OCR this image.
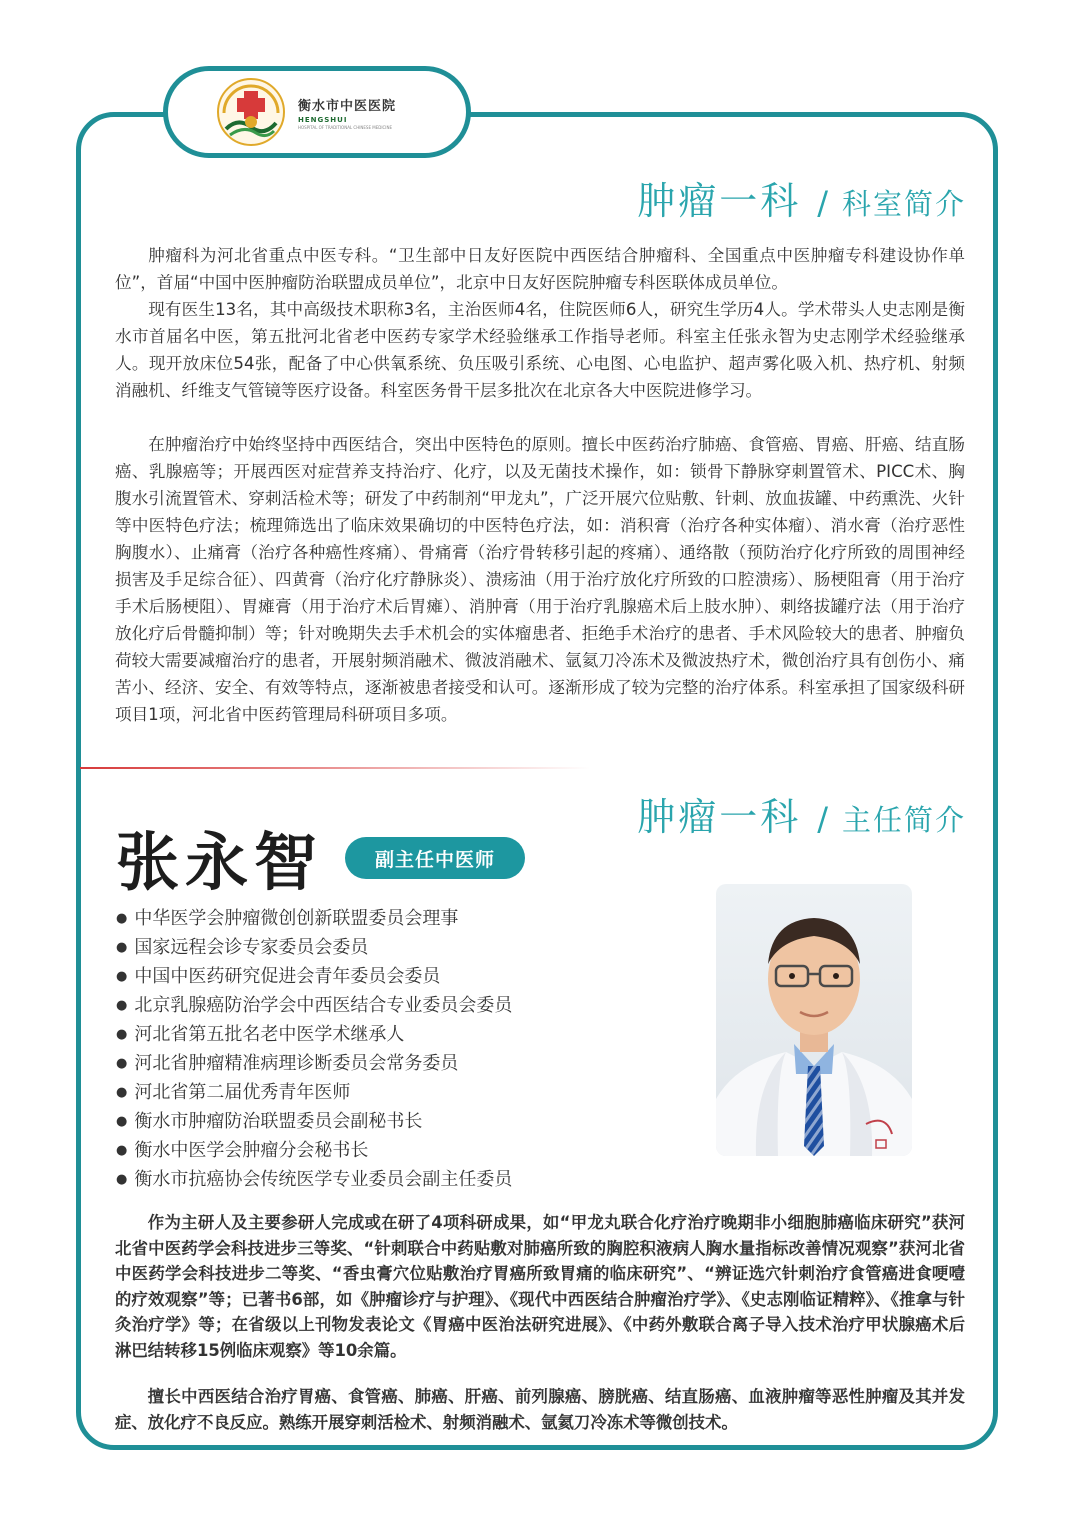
衡水市中医医院
HENGSHUI
HOSPITAL OF TRADITIONAL CHINESE MEDICINE
肿瘤一科 / 科室简介

肿瘤科为河北省重点中医专科。“卫生部中日友好医院中西医结合肿瘤科、全国重点中医肿瘤专科建设协作单位”，首届“中国中医肿瘤防治联盟成员单位”，北京中日友好医院肿瘤专科医联体成员单位。

现有医生13名，其中高级技术职称3名，主治医师4名，住院医师6人，研究生学历4人。学术带头人史志刚是衡水市首届名中医，第五批河北省老中医药专家学术经验继承工作指导老师。科室主任张永智为史志刚学术经验继承人。现开放床位54张，配备了中心供氧系统、负压吸引系统、心电图、心电监护、超声雾化吸入机、热疗机、射频消融机、纤维支气管镜等医疗设备。科室医务骨干层多批次在北京各大中医院进修学习。

在肿瘤治疗中始终坚持中西医结合，突出中医特色的原则。擅长中医药治疗肺癌、食管癌、胃癌、肝癌、结直肠癌、乳腺癌等；开展西医对症营养支持治疗、化疗，以及无菌技术操作，如：锁骨下静脉穿刺置管术、PICC术、胸腹水引流置管术、穿刺活检术等；研发了中药制剂“甲龙丸”，广泛开展穴位贴敷、针刺、放血拔罐、中药熏洗、火针等中医特色疗法；梳理筛选出了临床效果确切的中医特色疗法，如：消积膏（治疗各种实体瘤）、消水膏（治疗恶性胸腹水）、止痛膏（治疗各种癌性疼痛）、骨痛膏（治疗骨转移引起的疼痛）、通络散（预防治疗化疗所致的周围神经损害及手足综合征）、四黄膏（治疗化疗静脉炎）、溃疡油（用于治疗放化疗所致的口腔溃疡）、肠梗阻膏（用于治疗手术后肠梗阻）、胃瘫膏（用于治疗术后胃瘫）、消肿膏（用于治疗乳腺癌术后上肢水肿）、刺络拔罐疗法（用于治疗放化疗后骨髓抑制）等；针对晚期失去手术机会的实体瘤患者、拒绝手术治疗的患者、手术风险较大的患者、肿瘤负荷较大需要减瘤治疗的患者，开展射频消融术、微波消融术、氩氦刀冷冻术及微波热疗术，微创治疗具有创伤小、痛苦小、经济、安全、有效等特点，逐渐被患者接受和认可。逐渐形成了较为完整的治疗体系。科室承担了国家级科研项目1项，河北省中医药管理局科研项目多项。

肿瘤一科 / 主任简介
张永智	副主任中医师
● 中华医学会肿瘤微创创新联盟委员会理事
● 国家远程会诊专家委员会委员
● 中国中医药研究促进会青年委员会委员
● 北京乳腺癌防治学会中西医结合专业委员会委员
● 河北省第五批名老中医学术继承人
● 河北省肿瘤精准病理诊断委员会常务委员
● 河北省第二届优秀青年医师
● 衡水市肿瘤防治联盟委员会副秘书长
● 衡水中医学会肿瘤分会秘书长
● 衡水市抗癌协会传统医学专业委员会副主任委员

作为主研人及主要参研人完成或在研了4项科研成果，如“甲龙丸联合化疗治疗晚期非小细胞肺癌临床研究”获河北省中医药学会科技进步三等奖、“针刺联合中药贴敷对肺癌所致的胸腔积液病人胸水量指标改善情况观察”获河北省中医药学会科技进步二等奖、“香虫膏穴位贴敷治疗胃癌所致胃痛的临床研究”、“辨证选穴针刺治疗食管癌进食哽噎的疗效观察”等；已著书6部，如《肿瘤诊疗与护理》、《现代中西医结合肿瘤治疗学》、《史志刚临证精粹》、《推拿与针灸治疗学》等；在省级以上刊物发表论文《胃癌中医治法研究进展》、《中药外敷联合离子导入技术治疗甲状腺癌术后淋巴结转移15例临床观察》等10余篇。

擅长中西医结合治疗胃癌、食管癌、肺癌、肝癌、前列腺癌、膀胱癌、结直肠癌、血液肿瘤等恶性肿瘤及其并发症、放化疗不良反应。熟练开展穿刺活检术、射频消融术、氩氦刀冷冻术等微创技术。
